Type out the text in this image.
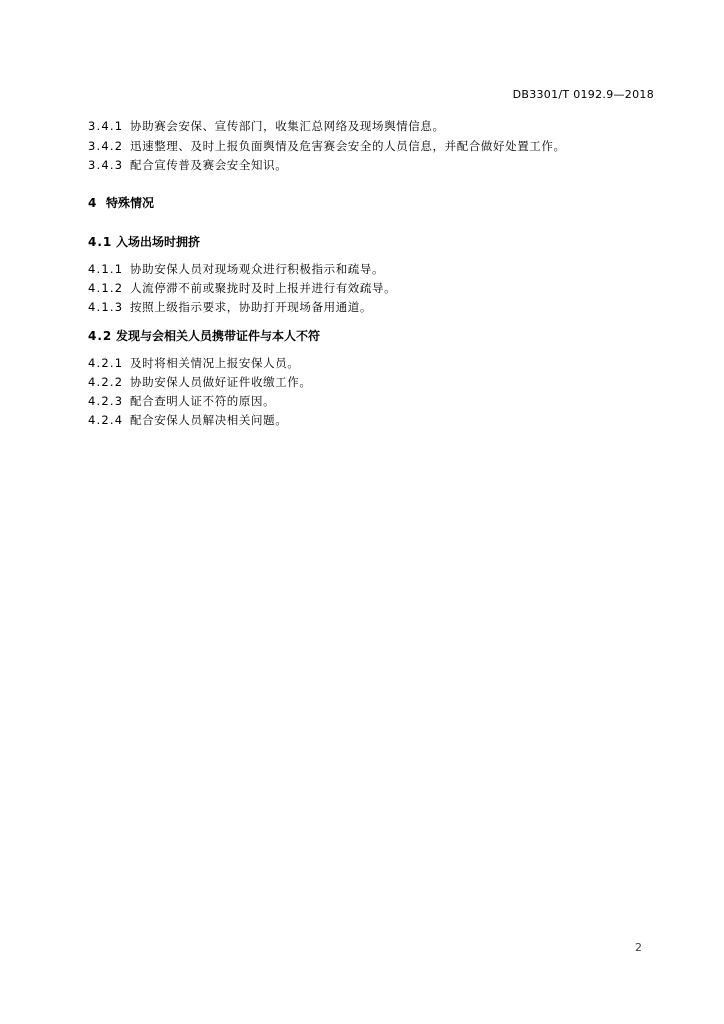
DB3301/T 0192.9—2018
3.4.1 协助赛会安保、宣传部门，收集汇总网络及现场舆情信息。
3.4.2 迅速整理、及时上报负面舆情及危害赛会安全的人员信息，并配合做好处置工作。
3.4.3 配合宣传普及赛会安全知识。
4 特殊情况
4.1 入场出场时拥挤
4.1.1 协助安保人员对现场观众进行积极指示和疏导。
4.1.2 人流停滞不前或聚拢时及时上报并进行有效疏导。
4.1.3 按照上级指示要求，协助打开现场备用通道。
4.2 发现与会相关人员携带证件与本人不符
4.2.1 及时将相关情况上报安保人员。
4.2.2 协助安保人员做好证件收缴工作。
4.2.3 配合查明人证不符的原因。
4.2.4 配合安保人员解决相关问题。
2
